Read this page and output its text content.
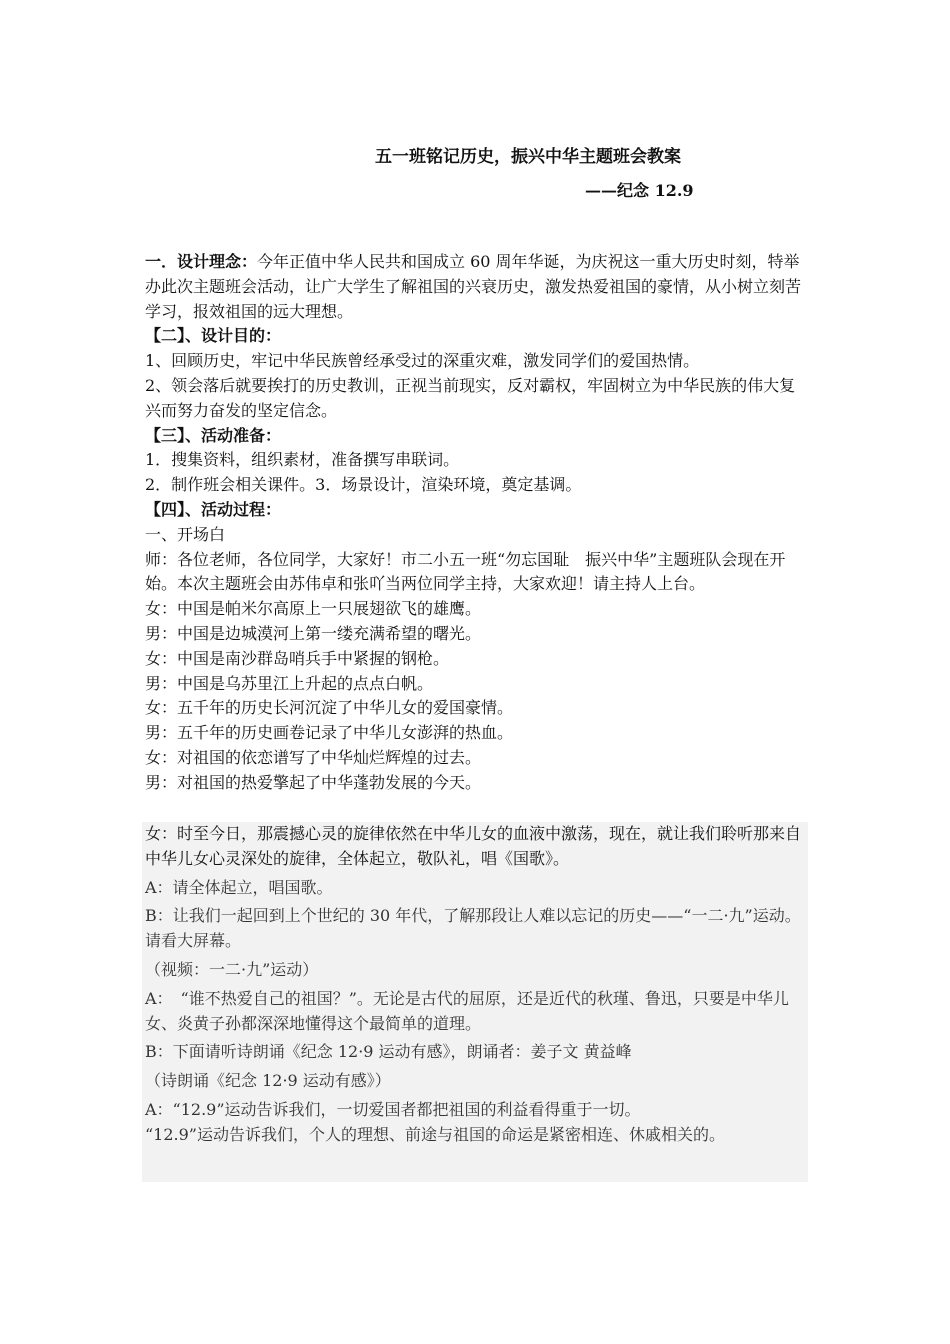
五一班铭记历史，振兴中华主题班会教案
——纪念 12.9

一．设计理念：今年正值中华人民共和国成立 60 周年华诞，为庆祝这一重大历史时刻，特举办此次主题班会活动，让广大学生了解祖国的兴衰历史，激发热爱祖国的豪情，从小树立刻苦学习，报效祖国的远大理想。

【二】、设计目的：

1、回顾历史，牢记中华民族曾经承受过的深重灾难，激发同学们的爱国热情。

2、领会落后就要挨打的历史教训，正视当前现实，反对霸权，牢固树立为中华民族的伟大复兴而努力奋发的坚定信念。

【三】、活动准备：

1．搜集资料，组织素材，准备撰写串联词。

2．制作班会相关课件。3．场景设计，渲染环境，奠定基调。

【四】、活动过程：

一、开场白

师：各位老师，各位同学，大家好！市二小五一班“勿忘国耻　振兴中华”主题班队会现在开始。本次主题班会由苏伟卓和张吖当两位同学主持，大家欢迎！请主持人上台。

女：中国是帕米尔高原上一只展翅欲飞的雄鹰。

男：中国是边城漠河上第一缕充满希望的曙光。

女：中国是南沙群岛哨兵手中紧握的钢枪。

男：中国是乌苏里江上升起的点点白帆。

女：五千年的历史长河沉淀了中华儿女的爱国豪情。

男：五千年的历史画卷记录了中华儿女澎湃的热血。

女：对祖国的依恋谱写了中华灿烂辉煌的过去。

男：对祖国的热爱擎起了中华蓬勃发展的今天。

女：时至今日，那震撼心灵的旋律依然在中华儿女的血液中激荡，现在，就让我们聆听那来自中华儿女心灵深处的旋律，全体起立，敬队礼，唱《国歌》。

A：请全体起立，唱国歌。

B：让我们一起回到上个世纪的 30 年代，了解那段让人难以忘记的历史——“一二·九”运动。请看大屏幕。

（视频：一二·九”运动）

A：　“谁不热爱自己的祖国？”。无论是古代的屈原，还是近代的秋瑾、鲁迅，只要是中华儿女、炎黄子孙都深深地懂得这个最简单的道理。

B：下面请听诗朗诵《纪念 12·9 运动有感》，朗诵者：姜子文 黄益峰

（诗朗诵《纪念 12·9 运动有感》）

A：“12.9”运动告诉我们，一切爱国者都把祖国的利益看得重于一切。

“12.9”运动告诉我们，个人的理想、前途与祖国的命运是紧密相连、休戚相关的。
